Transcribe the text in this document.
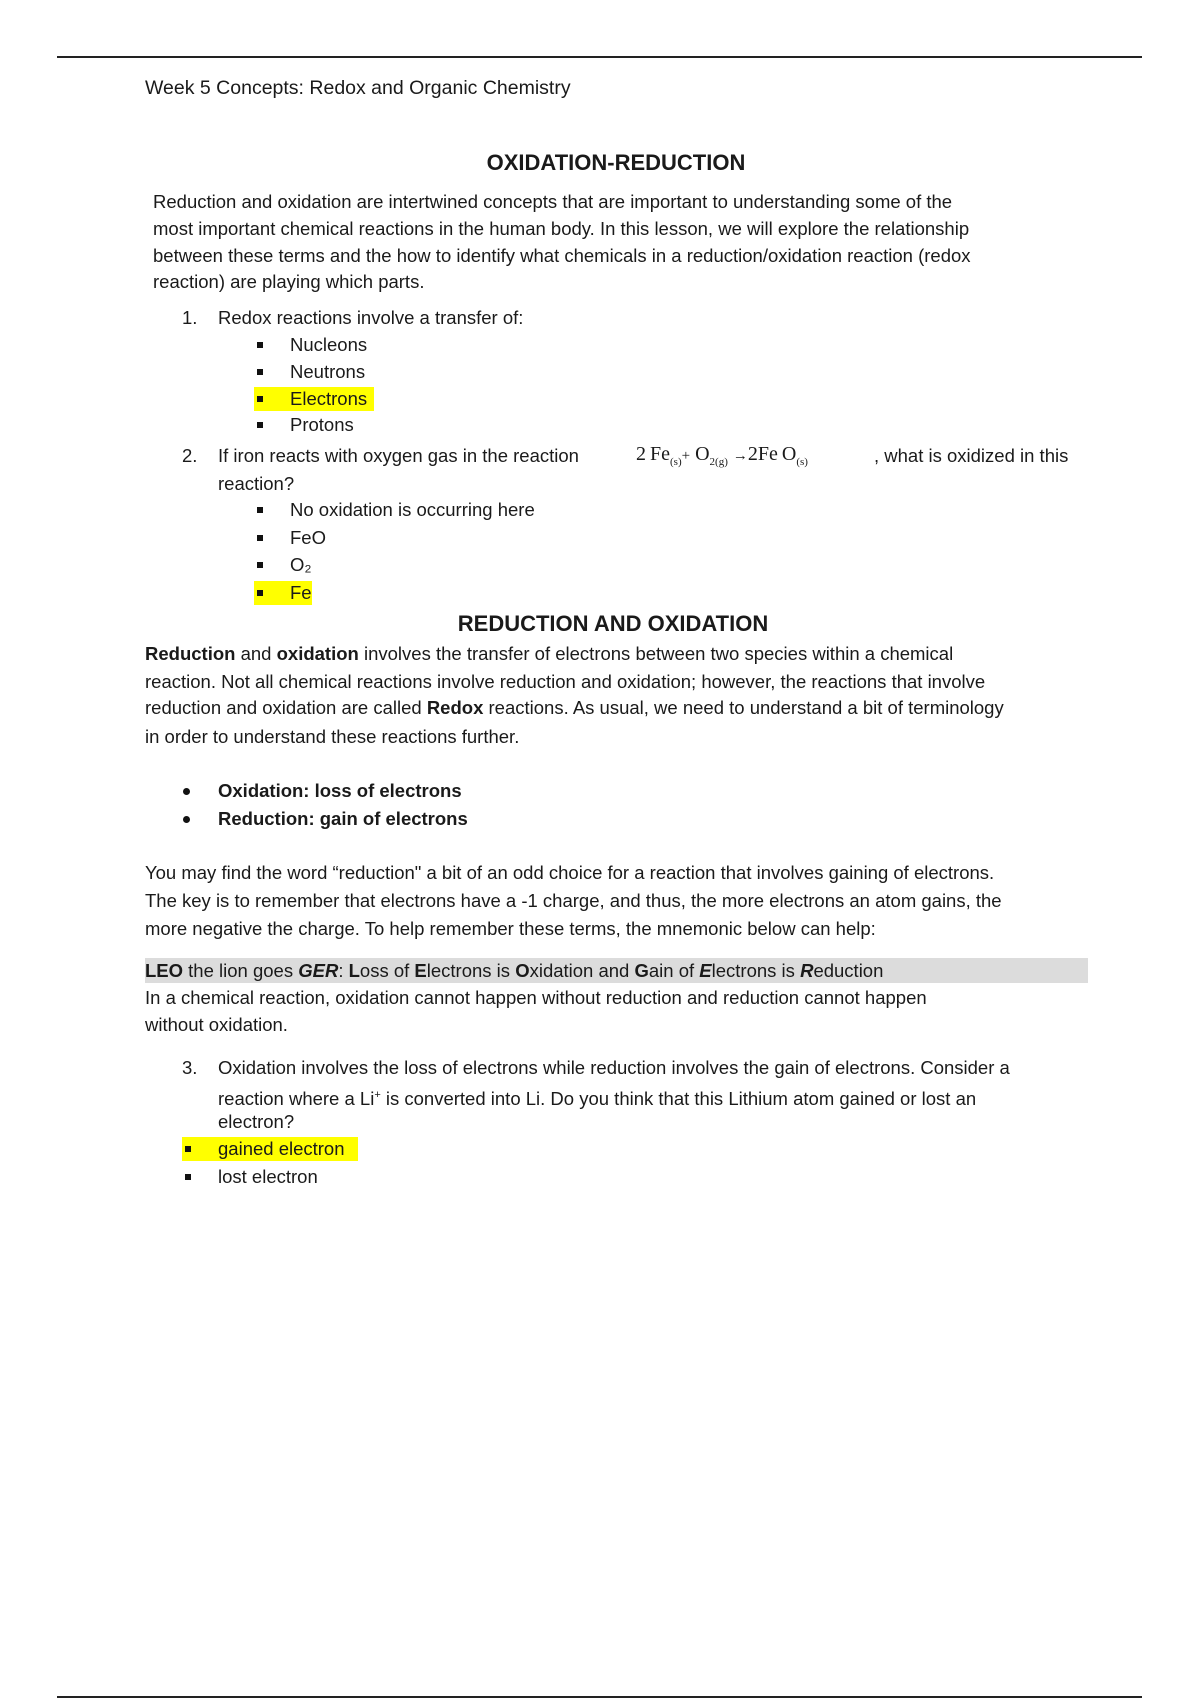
Week 5 Concepts: Redox and Organic Chemistry
OXIDATION-REDUCTION
Reduction and oxidation are intertwined concepts that are important to understanding some of the
most important chemical reactions in the human body. In this lesson, we will explore the relationship
between these terms and the how to identify what chemicals in a reduction/oxidation reaction (redox
reaction) are playing which parts.
1. Redox reactions involve a transfer of:
Nucleons
Neutrons
Electrons
Protons
2. If iron reacts with oxygen gas in the reaction	2  $Fe_{(s)}+ O_{2(g)} \to 2Fe$  $O_{(s)}$	, what is oxidized in this
reaction?
No oxidation is occurring here
FeO
O₂
Fe
REDUCTION AND OXIDATION
Reduction and oxidation involves the transfer of electrons between two species within a chemical
reaction. Not all chemical reactions involve reduction and oxidation; however, the reactions that involve
reduction and oxidation are called Redox reactions. As usual, we need to understand a bit of terminology
in order to understand these reactions further.
Oxidation: loss of electrons
Reduction: gain of electrons
You may find the word “reduction" a bit of an odd choice for a reaction that involves gaining of electrons.
The key is to remember that electrons have a -1 charge, and thus, the more electrons an atom gains, the
more negative the charge. To help remember these terms, the mnemonic below can help:
LEO the lion goes GER: Loss of Electrons is Oxidation and Gain of Electrons is Reduction
In a chemical reaction, oxidation cannot happen without reduction and reduction cannot happen
without oxidation.
3. Oxidation involves the loss of electrons while reduction involves the gain of electrons. Consider a
reaction where a Li+ is converted into Li. Do you think that this Lithium atom gained or lost an
electron?
gained electron
lost electron
